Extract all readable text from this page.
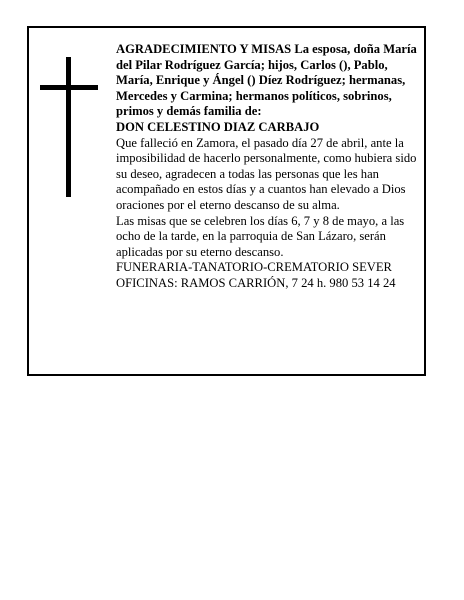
AGRADECIMIENTO Y MISAS La esposa, doña María del Pilar Rodríguez García; hijos, Carlos (), Pablo, María, Enrique y Ángel () Díez Rodríguez; hermanas, Mercedes y Carmina; hermanos políticos, sobrinos, primos y demás familia de:

DON CELESTINO DIAZ CARBAJO

Que falleció en Zamora, el pasado día 27 de abril, ante la imposibilidad de hacerlo personalmente, como hubiera sido su deseo, agradecen a todas las personas que les han acompañado en estos días y a cuantos han elevado a Dios oraciones por el eterno descanso de su alma.

Las misas que se celebren los días 6, 7 y 8 de mayo, a las ocho de la tarde, en la parroquia de San Lázaro, serán aplicadas por su eterno descanso.

FUNERARIA-TANATORIO-CREMATORIO SEVER

OFICINAS: RAMOS CARRIÓN, 7 24 h. 980 53 14 24
